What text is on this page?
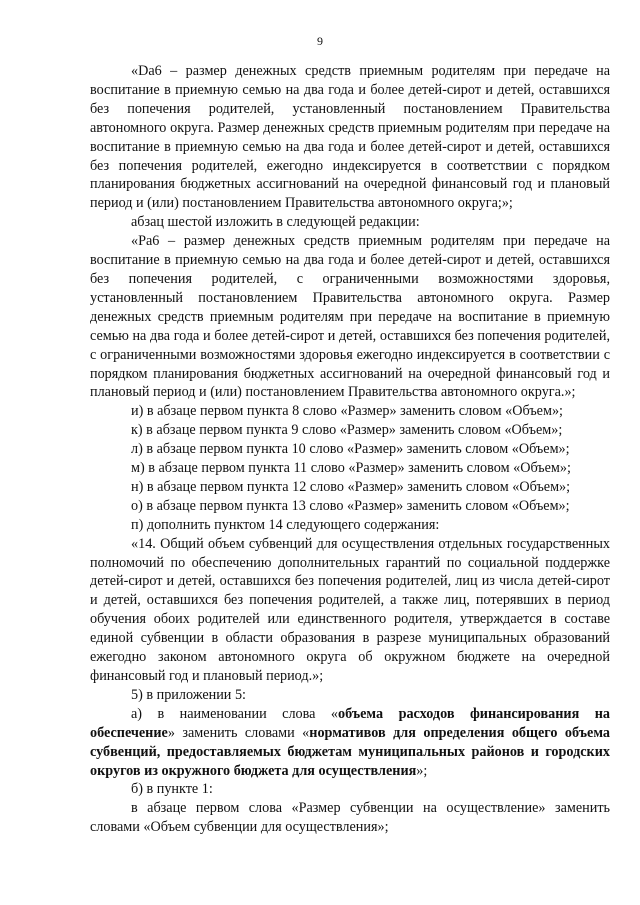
9

«Da6 – размер денежных средств приемным родителям при передаче на воспитание в приемную семью на два года и более детей-сирот и детей, оставшихся без попечения родителей, установленный постановлением Правительства автономного округа. Размер денежных средств приемным родителям при передаче на воспитание в приемную семью на два года и более детей-сирот и детей, оставшихся без попечения родителей, ежегодно индексируется в соответствии с порядком планирования бюджетных ассигнований на очередной финансовый год и плановый период и (или) постановлением Правительства автономного округа;»;

абзац шестой изложить в следующей редакции:

«Pa6 – размер денежных средств приемным родителям при передаче на воспитание в приемную семью на два года и более детей-сирот и детей, оставшихся без попечения родителей, с ограниченными возможностями здоровья, установленный постановлением Правительства автономного округа. Размер денежных средств приемным родителям при передаче на воспитание в приемную семью на два года и более детей-сирот и детей, оставшихся без попечения родителей, с ограниченными возможностями здоровья ежегодно индексируется в соответствии с порядком планирования бюджетных ассигнований на очередной финансовый год и плановый период и (или) постановлением Правительства автономного округа.»;

и) в абзаце первом пункта 8 слово «Размер» заменить словом «Объем»;

к) в абзаце первом пункта 9 слово «Размер» заменить словом «Объем»;

л) в абзаце первом пункта 10 слово «Размер» заменить словом «Объем»;

м) в абзаце первом пункта 11 слово «Размер» заменить словом «Объем»;

н) в абзаце первом пункта 12 слово «Размер» заменить словом «Объем»;

о) в абзаце первом пункта 13 слово «Размер» заменить словом «Объем»;

п) дополнить пунктом 14 следующего содержания:

«14. Общий объем субвенций для осуществления отдельных государственных полномочий по обеспечению дополнительных гарантий по социальной поддержке детей-сирот и детей, оставшихся без попечения родителей, лиц из числа детей-сирот и детей, оставшихся без попечения родителей, а также лиц, потерявших в период обучения обоих родителей или единственного родителя, утверждается в составе единой субвенции в области образования в разрезе муниципальных образований ежегодно законом автономного округа об окружном бюджете на очередной финансовый год и плановый период.»;

5) в приложении 5:

а) в наименовании слова «объема расходов финансирования на обеспечение» заменить словами «нормативов для определения общего объема субвенций, предоставляемых бюджетам муниципальных районов и городских округов из окружного бюджета для осуществления»;

б) в пункте 1:

в абзаце первом слова «Размер субвенции на осуществление» заменить словами «Объем субвенции для осуществления»;
